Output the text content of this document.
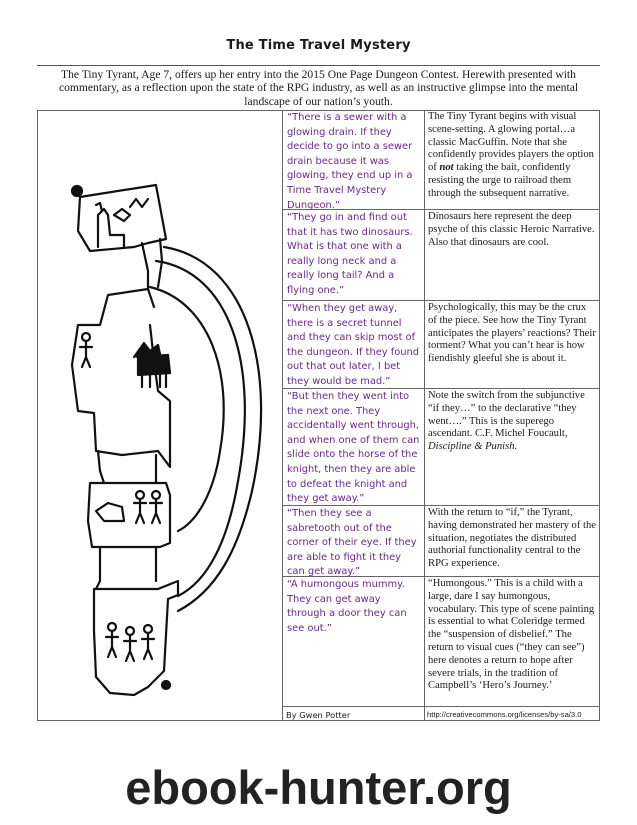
The Time Travel Mystery
The Tiny Tyrant, Age 7, offers up her entry into the 2015 One Page Dungeon Contest. Herewith presented with commentary, as a reflection upon the state of the RPG industry, as well as an instructive glimpse into the mental landscape of our nation’s youth.
“There is a sewer with a glowing drain. If they decide to go into a sewer drain because it was glowing, they end up in a Time Travel Mystery Dungeon.”
“They go in and find out that it has two dinosaurs. What is that one with a really long neck and a really long tail? And a flying one.”
“When they get away, there is a secret tunnel and they can skip most of the dungeon. If they found out that out later, I bet they would be mad.”
“But then they went into the next one. They accidentally went through, and when one of them can slide onto the horse of the knight, then they are able to defeat the knight and they get away.”
“Then they see a sabretooth out of the corner of their eye. If they are able to fight it they can get away.”
“A humongous mummy. They can get away through a door they can see out.”
The Tiny Tyrant begins with visual scene-setting. A glowing portal…a classic MacGuffin. Note that she confidently provides players the option of not taking the bait, confidently resisting the urge to railroad them through the subsequent narrative.
Dinosaurs here represent the deep psyche of this classic Heroic Narrative. Also that dinosaurs are cool.
Psychologically, this may be the crux of the piece. See how the Tiny Tyrant anticipates the players’ reactions? Their torment? What you can’t hear is how fiendishly gleeful she is about it.
Note the switch from the subjunctive “if they…” to the declarative “they went….” This is the superego ascendant. C.F. Michel Foucault, Discipline & Punish.
With the return to “if,” the Tyrant, having demonstrated her mastery of the situation, negotiates the distributed authorial functionality central to the RPG experience.
“Humongous.” This is a child with a large, dare I say humongous, vocabulary. This type of scene painting is essential to what Coleridge termed the “suspension of disbelief.” The return to visual cues (“they can see”) here denotes a return to hope after severe trials, in the tradition of Campbell’s ‘Hero’s Journey.’
By Gwen Potter	http://creativecommons.org/licenses/by-sa/3.0
ebook-hunter.org
